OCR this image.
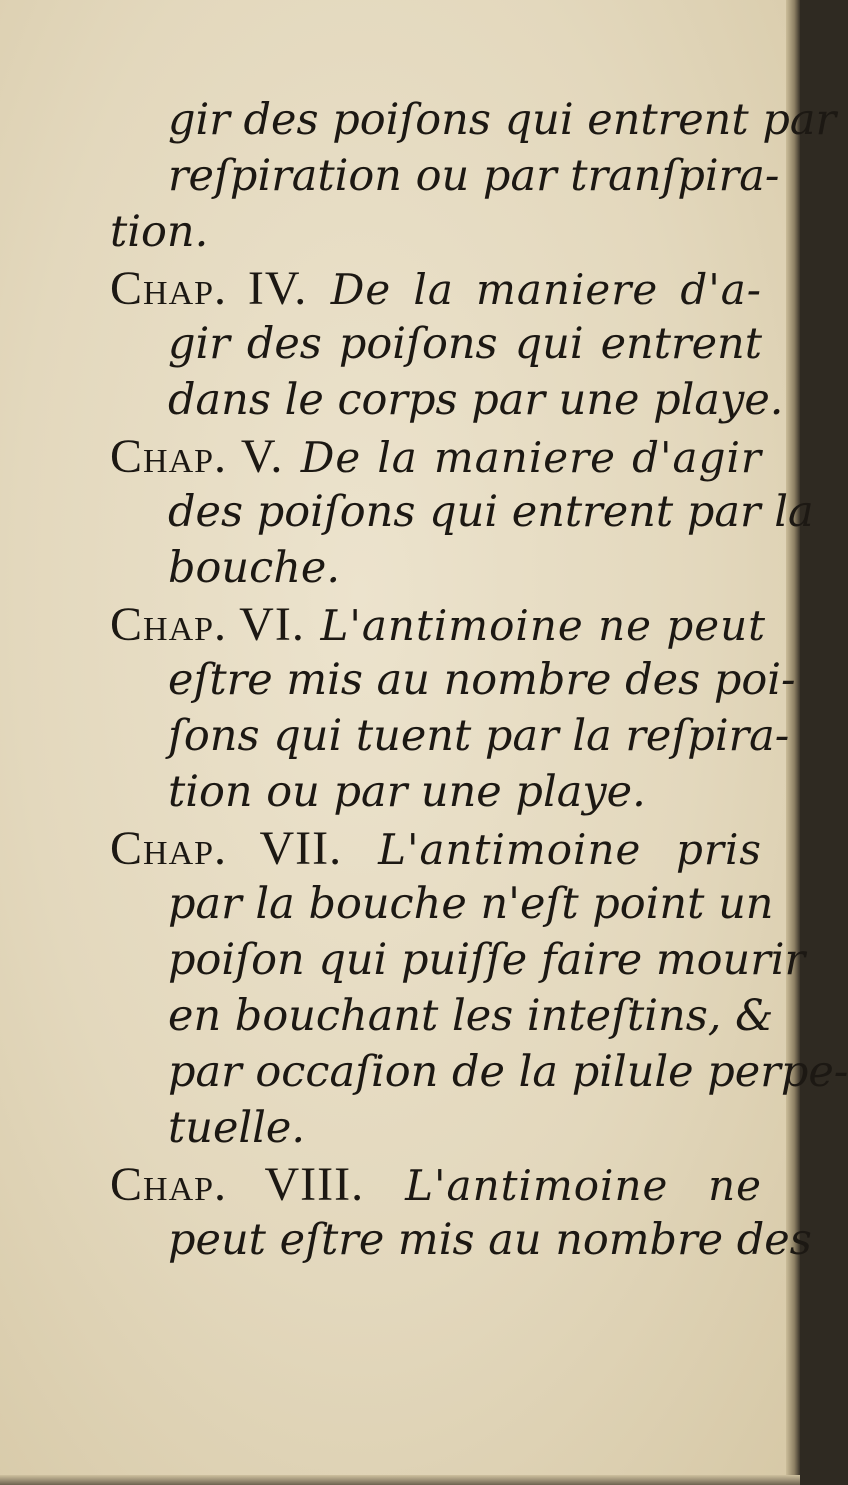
gir des poiſons qui entrent par
reſpiration ou par tranſpira-
tion.
Chap. IV. De la maniere d'a-
gir des poiſons qui entrent
dans le corps par une playe.
Chap. V. De la maniere d'agir
des poiſons qui entrent par la
bouche.
Chap. VI. L'antimoine ne peut
eſtre mis au nombre des poi-
ſons qui tuent par la reſpira-
tion ou par une playe.
Chap. VII. L'antimoine pris
par la bouche n'eſt point un
poiſon qui puiſſe faire mourir
en bouchant les inteſtins, &
par occaſion de la pilule perpe-
tuelle.
Chap. VIII. L'antimoine ne
peut eſtre mis au nombre des
